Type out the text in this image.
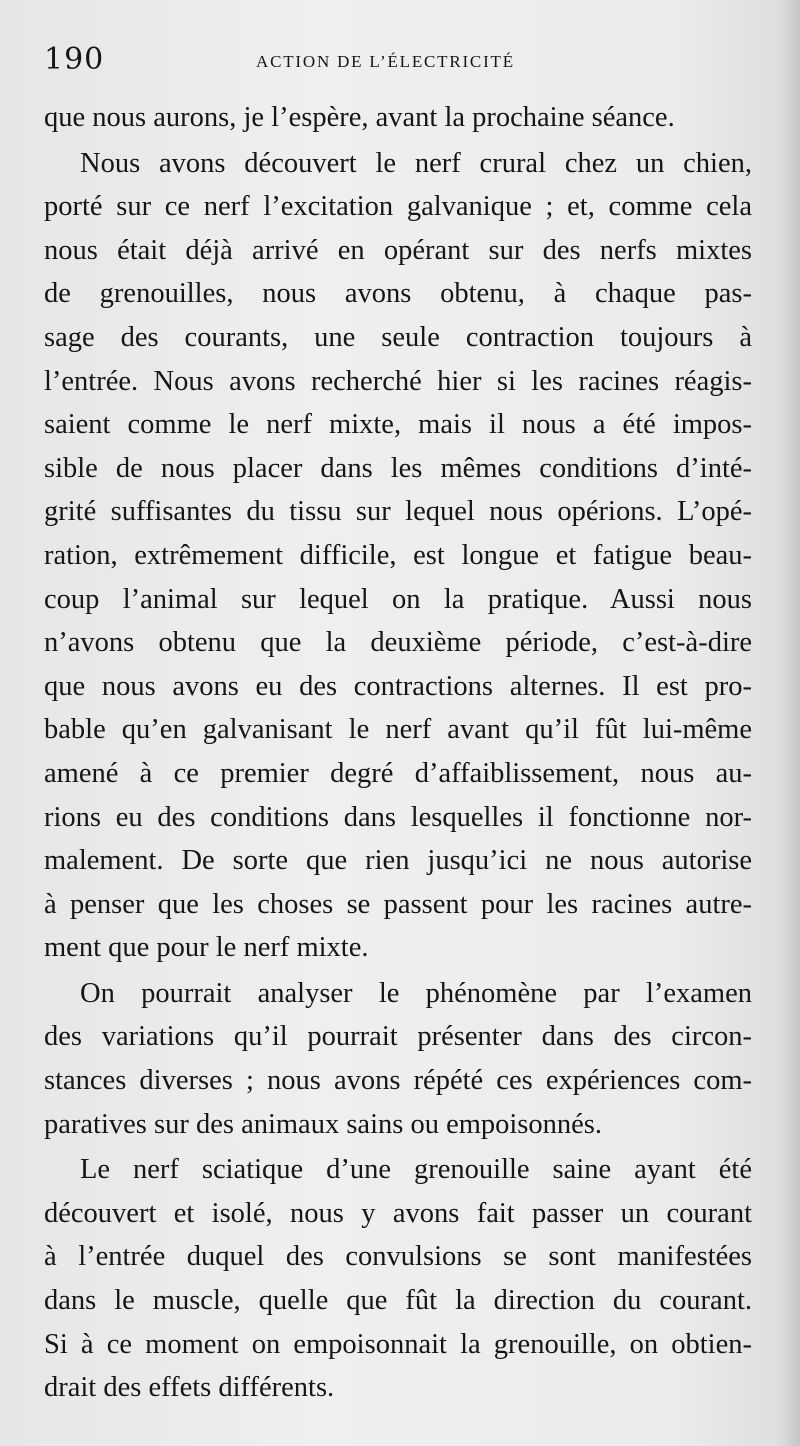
190	ACTION DE L’ÉLECTRICITÉ
que nous aurons, je l’espère, avant la prochaine séance.
Nous avons découvert le nerf crural chez un chien,
porté sur ce nerf l’excitation galvanique ; et, comme cela
nous était déjà arrivé en opérant sur des nerfs mixtes
de grenouilles, nous avons obtenu, à chaque pas-
sage des courants, une seule contraction toujours à
l’entrée. Nous avons recherché hier si les racines réagis-
saient comme le nerf mixte, mais il nous a été impos-
sible de nous placer dans les mêmes conditions d’inté-
grité suffisantes du tissu sur lequel nous opérions. L’opé-
ration, extrêmement difficile, est longue et fatigue beau-
coup l’animal sur lequel on la pratique. Aussi nous
n’avons obtenu que la deuxième période, c’est-à-dire
que nous avons eu des contractions alternes. Il est pro-
bable qu’en galvanisant le nerf avant qu’il fût lui-même
amené à ce premier degré d’affaiblissement, nous au-
rions eu des conditions dans lesquelles il fonctionne nor-
malement. De sorte que rien jusqu’ici ne nous autorise
à penser que les choses se passent pour les racines autre-
ment que pour le nerf mixte.
On pourrait analyser le phénomène par l’examen
des variations qu’il pourrait présenter dans des circon-
stances diverses ; nous avons répété ces expériences com-
paratives sur des animaux sains ou empoisonnés.
Le nerf sciatique d’une grenouille saine ayant été
découvert et isolé, nous y avons fait passer un courant
à l’entrée duquel des convulsions se sont manifestées
dans le muscle, quelle que fût la direction du courant.
Si à ce moment on empoisonnait la grenouille, on obtien-
drait des effets différents.
